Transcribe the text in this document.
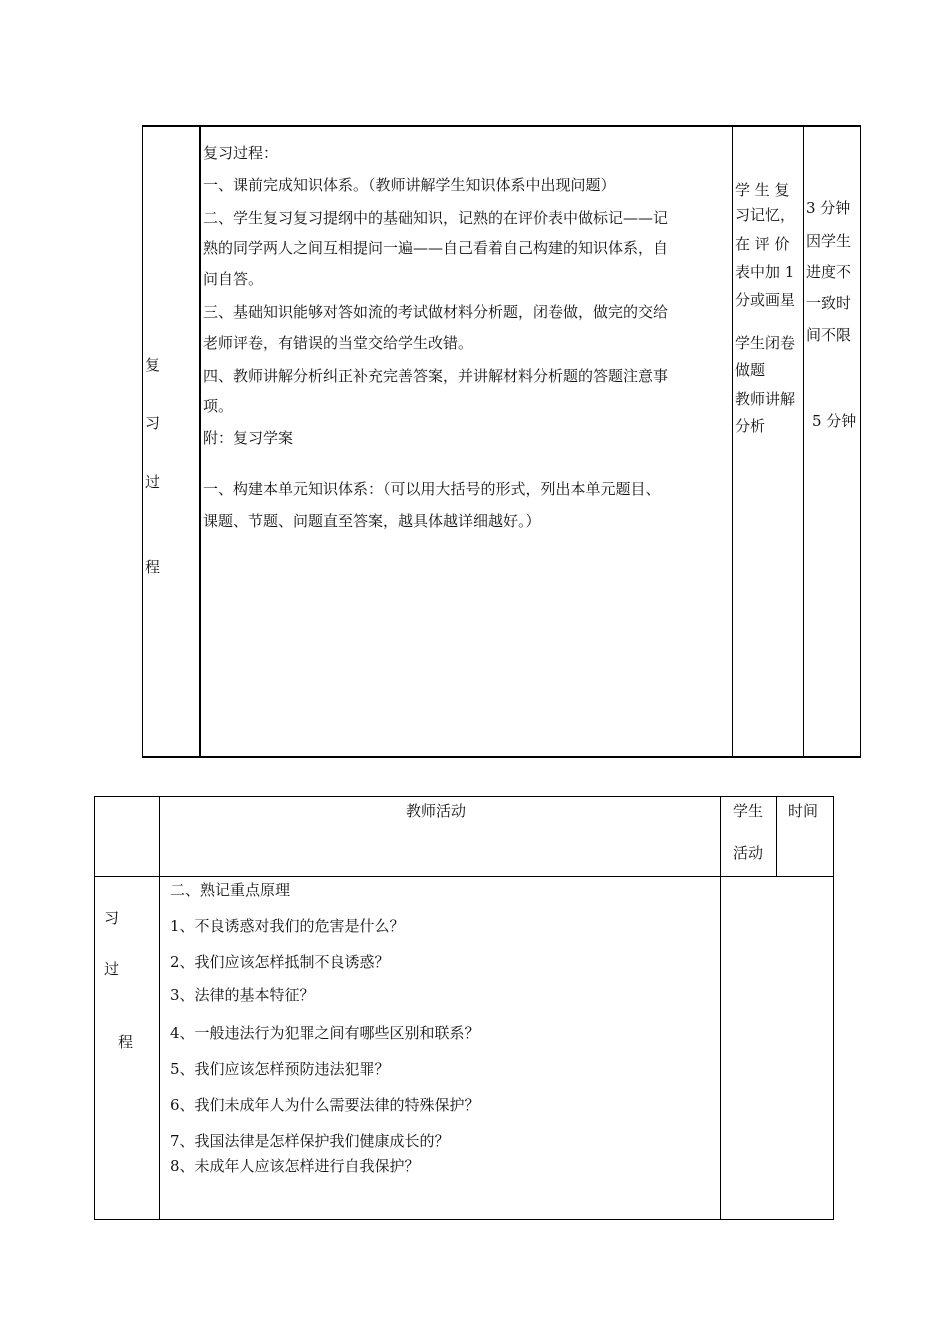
复
习
过
程
复习过程：
一、课前完成知识体系。（教师讲解学生知识体系中出现问题）
二、学生复习复习提纲中的基础知识，记熟的在评价表中做标记——记
熟的同学两人之间互相提问一遍——自己看着自己构建的知识体系，自
问自答。
三、基础知识能够对答如流的考试做材料分析题，闭卷做，做完的交给
老师评卷，有错误的当堂交给学生改错。
四、教师讲解分析纠正补充完善答案，并讲解材料分析题的答题注意事
项。
附：复习学案
一、构建本单元知识体系：（可以用大括号的形式，列出本单元题目、
课题、节题、问题直至答案，越具体越详细越好。）
学 生 复
习记忆，
在 评 价
表中加 1
分或画星
学生闭卷
做题
教师讲解
分析
3 分钟
因学生
进度不
一致时
间不限
5 分钟
教师活动	学生
活动
时间
习
过
程
二、熟记重点原理
1、不良诱惑对我们的危害是什么？
2、我们应该怎样抵制不良诱惑？
3、法律的基本特征？
4、一般违法行为犯罪之间有哪些区别和联系？
5、我们应该怎样预防违法犯罪？
6、我们未成年人为什么需要法律的特殊保护？
7、我国法律是怎样保护我们健康成长的？
8、未成年人应该怎样进行自我保护？
